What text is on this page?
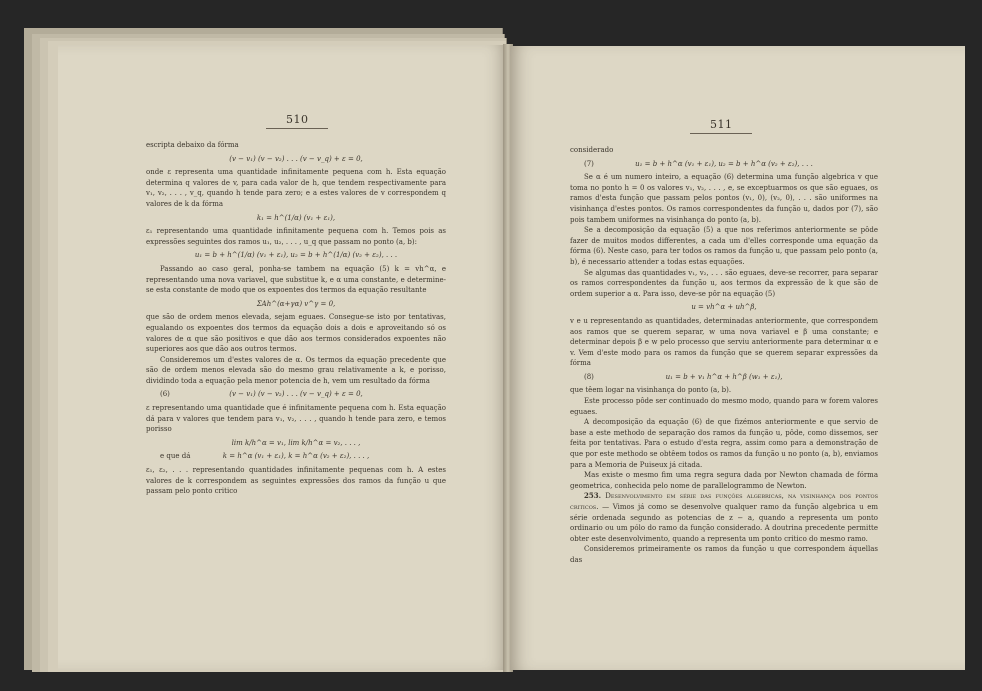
510

escripta debaixo da fórma

(v − v₁) (v − v₂) . . . (v − v_q) + ε = 0,

onde ε representa uma quantidade infinitamente pequena com h. Esta equação determina q valores de v, para cada valor de h, que tendem respectivamente para v₁, v₂, . . . , v_q, quando h tende para zero; e a estes valores de v correspondem q valores de k da fórma

k₁ = h^(1/α) (v₁ + ε₁),

ε₁ representando uma quantidade infinitamente pequena com h. Temos pois as expressões seguintes dos ramos u₁, u₂, . . . , u_q que passam no ponto (a, b):

u₁ = b + h^(1/α) (v₁ + ε₁), u₂ = b + h^(1/α) (v₂ + ε₂), . . .

Passando ao caso geral, ponha-se tambem na equação (5) k = vh^α, e representando uma nova variavel, que substitue k, e α uma constante, e determine-se esta constante de modo que os expoentes dos termos da equação resultante

ΣAh^(α+γα) v^γ = 0,

que são de ordem menos elevada, sejam eguaes. Consegue-se isto por tentativas, egualando os expoentes dos termos da equação dois a dois e aproveitando só os valores de α que são positivos e que dão aos termos considerados expoentes não superiores aos que dão aos outros termos.

Consideremos um d'estes valores de α. Os termos da equação precedente que são de ordem menos elevada são do mesmo grau relativamente a k, e porisso, dividindo toda a equação pela menor potencia de h, vem um resultado da fórma

(6)	(v − v₁) (v − v₂) . . . (v − v_q) + ε = 0,

ε representando uma quantidade que é infinitamente pequena com h. Esta equação dá para v valores que tendem para v₁, v₂, . . . , quando h tende para zero, e temos porisso

lim k/h^α = v₁, lim k/h^α = v₂, . . . ,

e que dá	k = h^α (v₁ + ε₁), k = h^α (v₂ + ε₂), . . . ,

ε₁, ε₂, . . . representando quantidades infinitamente pequenas com h. A estes valores de k correspondem as seguintes expressões dos ramos da função u que passam pelo ponto critico

511

considerado

(7)	u₁ = b + h^α (v₁ + ε₁), u₂ = b + h^α (v₂ + ε₂), . . .

Se α é um numero inteiro, a equação (6) determina uma função algebrica v que toma no ponto h = 0 os valores v₁, v₂, . . . , e, se exceptuarmos os que são eguaes, os ramos d'esta função que passam pelos pontos (v₁, 0), (v₂, 0), . . . são uniformes na visinhança d'estes pontos. Os ramos correspondentes da função u, dados por (7), são pois tambem uniformes na visinhança do ponto (a, b).

Se a decomposição da equação (5) a que nos referimos anteriormente se pôde fazer de muitos modos differentes, a cada um d'elles corresponde uma equação da fórma (6). Neste caso, para ter todos os ramos da função u, que passam pelo ponto (a, b), é necessario attender a todas estas equações.

Se algumas das quantidades v₁, v₂, . . . são eguaes, deve-se recorrer, para separar os ramos correspondentes da função u, aos termos da expressão de k que são de ordem superior a α. Para isso, deve-se pôr na equação (5)

u = vh^α + uh^β,

v e u representando as quantidades, determinadas anteriormente, que correspondem aos ramos que se querem separar, w uma nova variavel e β uma constante; e determinar depois β e w pelo processo que serviu anteriormente para determinar α e v. Vem d'este modo para os ramos da função que se querem separar expressões da fórma

(8)	u₁ = b + v₁ h^α + h^β (w₁ + ε₁),

que têem logar na visinhança do ponto (a, b).

Este processo pôde ser continuado do mesmo modo, quando para w forem valores eguaes.

A decomposição da equação (6) de que fizémos anteriormente e que servio de base a este methodo de separação dos ramos da função u, pôde, como dissemos, ser feita por tentativas. Para o estudo d'esta regra, assim como para a demonstração de que por este methodo se obtêem todos os ramos da função u no ponto (a, b), enviamos para a Memoria de Puiseux já citada.

Mas existe o mesmo fim uma regra segura dada por Newton chamada de fórma geometrica, conhecida pelo nome de parallelogrammo de Newton.

253. Desenvolvimento em série das funções algebricas, na visinhança dos pontos criticos. — Vimos já como se desenvolve qualquer ramo da função algebrica u em série ordenada segundo as potencias de z − a, quando a representa um ponto ordinario ou um pólo do ramo da função considerado. A doutrina precedente permitte obter este desenvolvimento, quando a representa um ponto critico do mesmo ramo.

Consideremos primeiramente os ramos da função u que correspondem áquellas das
